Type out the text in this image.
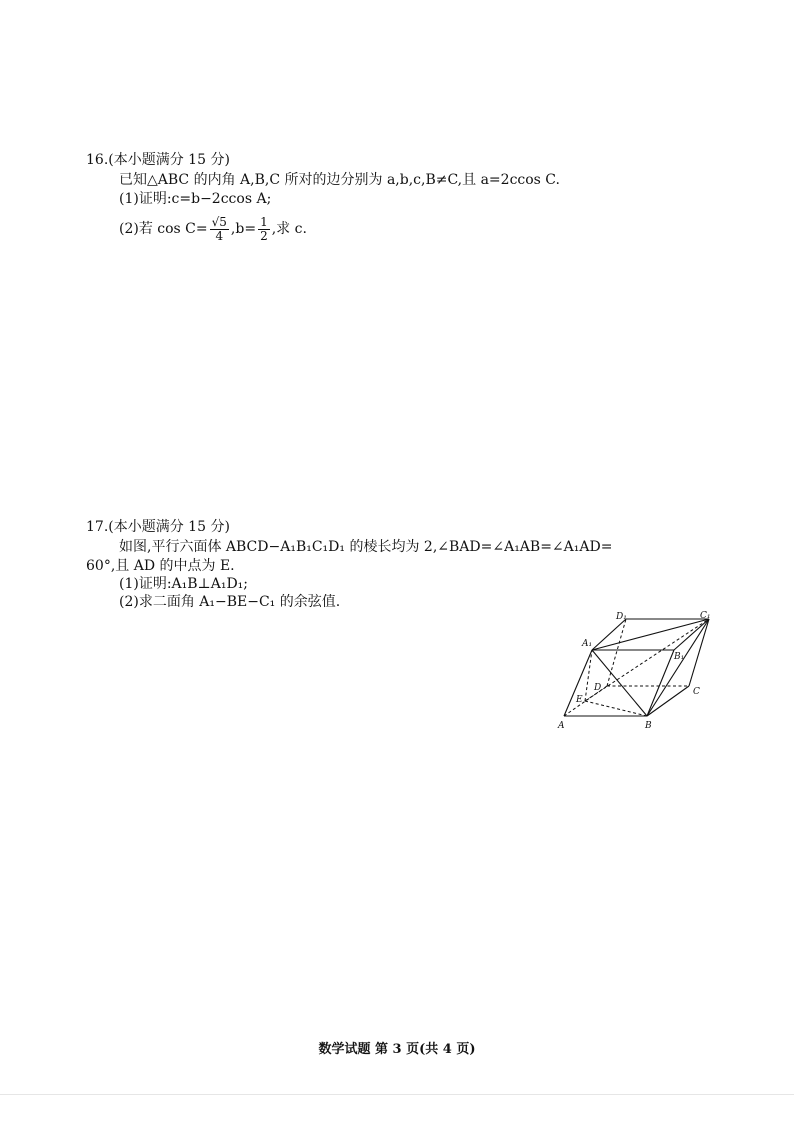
16.(本小题满分 15 分)
已知△ABC 的内角 A,B,C 所对的边分别为 a,b,c,B≠C,且 a=2ccos C.
(1)证明:c=b−2ccos A;
(2)若 $\cos C= \frac{√5}{4} ,b= \frac{1}{2}$ ,求 c.
17.(本小题满分 15 分)
如图,平行六面体 ABCD−A₁B₁C₁D₁ 的棱长均为 2,∠BAD=∠A₁AB=∠A₁AD=
60°,且 AD 的中点为 E.
(1)证明:A₁B⊥A₁D₁;
(2)求二面角 A₁−BE−C₁ 的余弦值.
A	B
C
D
E
A₁
B₁
C₁
D₁
数学试题 第 3 页(共 4 页)
